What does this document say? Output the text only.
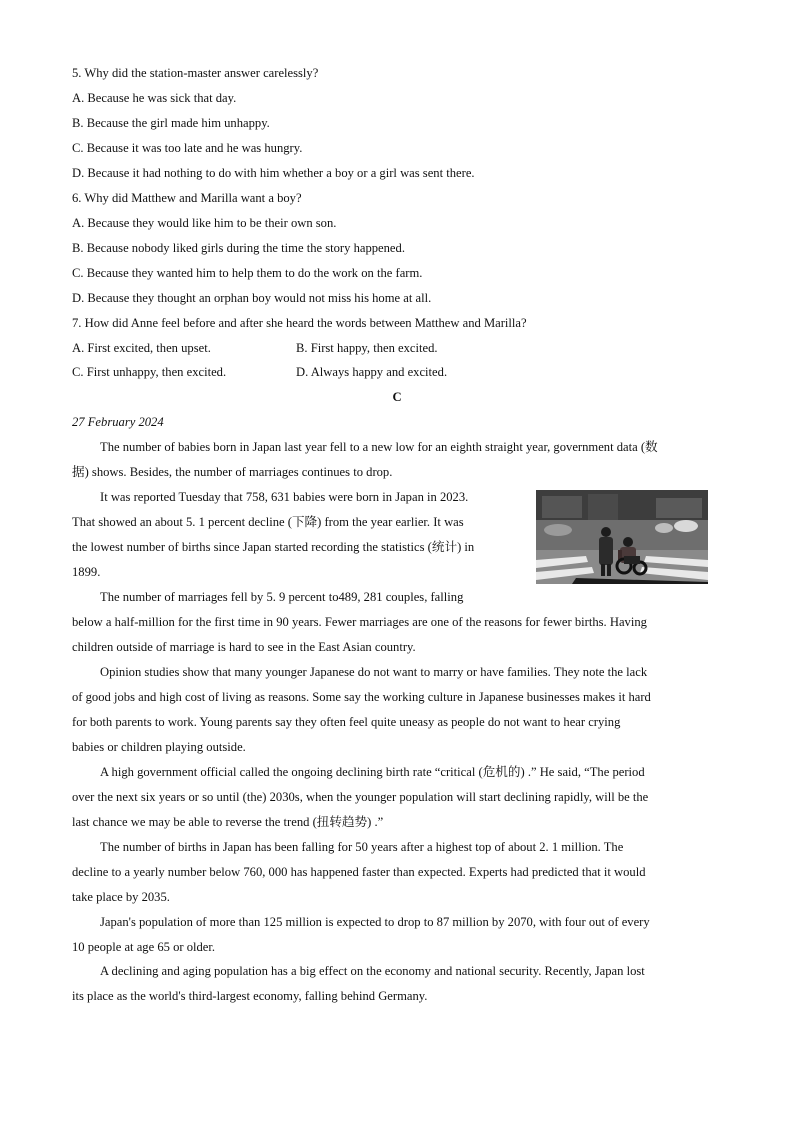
5. Why did the station-master answer carelessly?
A. Because he was sick that day.
B. Because the girl made him unhappy.
C. Because it was too late and he was hungry.
D. Because it had nothing to do with him whether a boy or a girl was sent there.
6. Why did Matthew and Marilla want a boy?
A. Because they would like him to be their own son.
B. Because nobody liked girls during the time the story happened.
C. Because they wanted him to help them to do the work on the farm.
D. Because they thought an orphan boy would not miss his home at all.
7. How did Anne feel before and after she heard the words between Matthew and Marilla?
A. First excited, then upset.	B. First happy, then excited.
C. First unhappy, then excited.	D. Always happy and excited.
C
27 February 2024
The number of babies born in Japan last year fell to a new low for an eighth straight year, government data (数
据) shows. Besides, the number of marriages continues to drop.
It was reported Tuesday that 758, 631 babies were born in Japan in 2023.
That showed an about 5. 1 percent decline (下降) from the year earlier. It was
the lowest number of births since Japan started recording the statistics (统计) in
1899.
The number of marriages fell by 5. 9 percent to489, 281 couples, falling
below a half-million for the first time in 90 years. Fewer marriages are one of the reasons for fewer births. Having
children outside of marriage is hard to see in the East Asian country.
Opinion studies show that many younger Japanese do not want to marry or have families. They note the lack
of good jobs and high cost of living as reasons. Some say the working culture in Japanese businesses makes it hard
for both parents to work. Young parents say they often feel quite uneasy as people do not want to hear crying
babies or children playing outside.
A high government official called the ongoing declining birth rate “critical (危机的) .” He said, “The period
over the next six years or so until (the) 2030s, when the younger population will start declining rapidly, will be the
last chance we may be able to reverse the trend (扭转趋势) .”
The number of births in Japan has been falling for 50 years after a highest top of about 2. 1 million. The
decline to a yearly number below 760, 000 has happened faster than expected. Experts had predicted that it would
take place by 2035.
Japan's population of more than 125 million is expected to drop to 87 million by 2070, with four out of every
10 people at age 65 or older.
A declining and aging population has a big effect on the economy and national security. Recently, Japan lost
its place as the world's third-largest economy, falling behind Germany.
